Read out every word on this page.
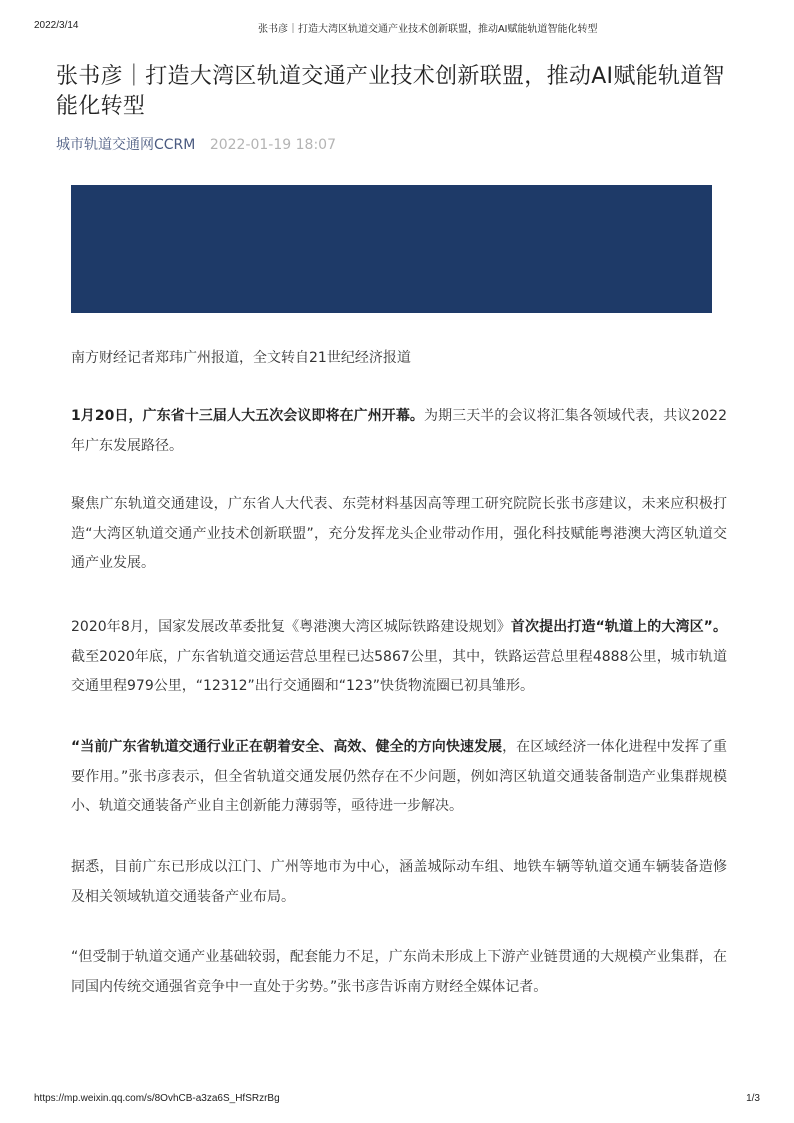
2022/3/14	张书彦｜打造大湾区轨道交通产业技术创新联盟，推动AI赋能轨道智能化转型
张书彦｜打造大湾区轨道交通产业技术创新联盟，推动AI赋能轨道智能化转型
城市轨道交通网CCRM 2022-01-19 18:07

南方财经记者郑玮广州报道，全文转自21世纪经济报道

1月20日，广东省十三届人大五次会议即将在广州开幕。为期三天半的会议将汇集各领域代表，共议2022年广东发展路径。

聚焦广东轨道交通建设，广东省人大代表、东莞材料基因高等理工研究院院长张书彦建议，未来应积极打造“大湾区轨道交通产业技术创新联盟”，充分发挥龙头企业带动作用，强化科技赋能粤港澳大湾区轨道交通产业发展。

2020年8月，国家发展改革委批复《粤港澳大湾区城际铁路建设规划》首次提出打造“轨道上的大湾区”。截至2020年底，广东省轨道交通运营总里程已达5867公里，其中，铁路运营总里程4888公里，城市轨道交通里程979公里，“12312”出行交通圈和“123”快货物流圈已初具雏形。

“当前广东省轨道交通行业正在朝着安全、高效、健全的方向快速发展，在区域经济一体化进程中发挥了重要作用。”张书彦表示，但全省轨道交通发展仍然存在不少问题，例如湾区轨道交通装备制造产业集群规模小、轨道交通装备产业自主创新能力薄弱等，亟待进一步解决。

据悉，目前广东已形成以江门、广州等地市为中心，涵盖城际动车组、地铁车辆等轨道交通车辆装备造修及相关领域轨道交通装备产业布局。

“但受制于轨道交通产业基础较弱，配套能力不足，广东尚未形成上下游产业链贯通的大规模产业集群，在同国内传统交通强省竞争中一直处于劣势。”张书彦告诉南方财经全媒体记者。

https://mp.weixin.qq.com/s/8OvhCB-a3za6S_HfSRzrBg	1/3
